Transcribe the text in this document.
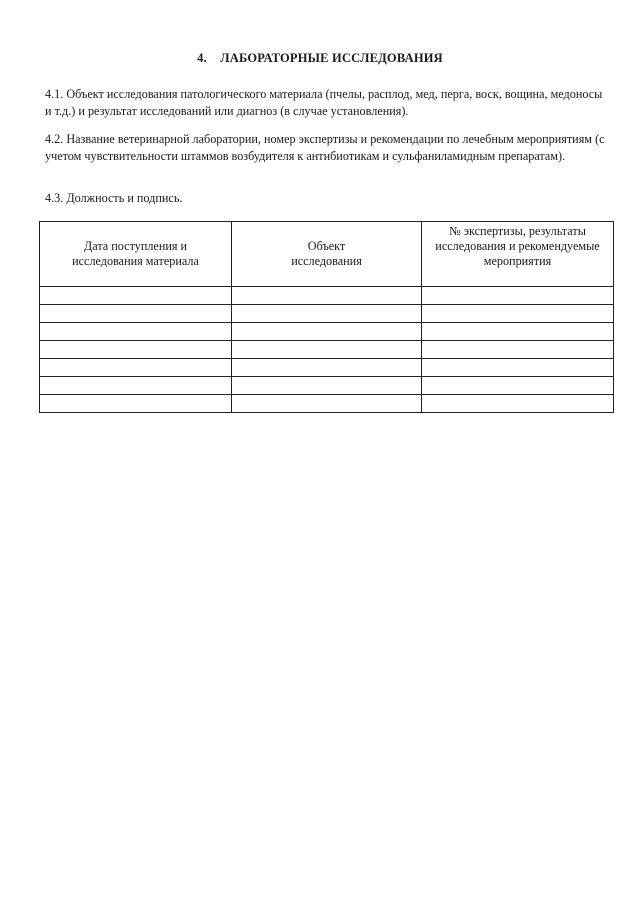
4. ЛАБОРАТОРНЫЕ ИССЛЕДОВАНИЯ
4.1. Объект исследования патологического материала (пчелы, расплод, мед, перга, воск, вощина, медоносы и т.д.) и результат исследований или диагноз (в случае установления).
4.2. Название ветеринарной лаборатории, номер экспертизы и рекомендации по лечебным мероприятиям (с учетом чувствительности штаммов возбудителя к антибиотикам и сульфаниламидным препаратам).
4.3. Должность и подпись.
Дата поступления и исследования материала	Объект исследования	№ экспертизы, результаты исследования и рекомендуемые мероприятия
